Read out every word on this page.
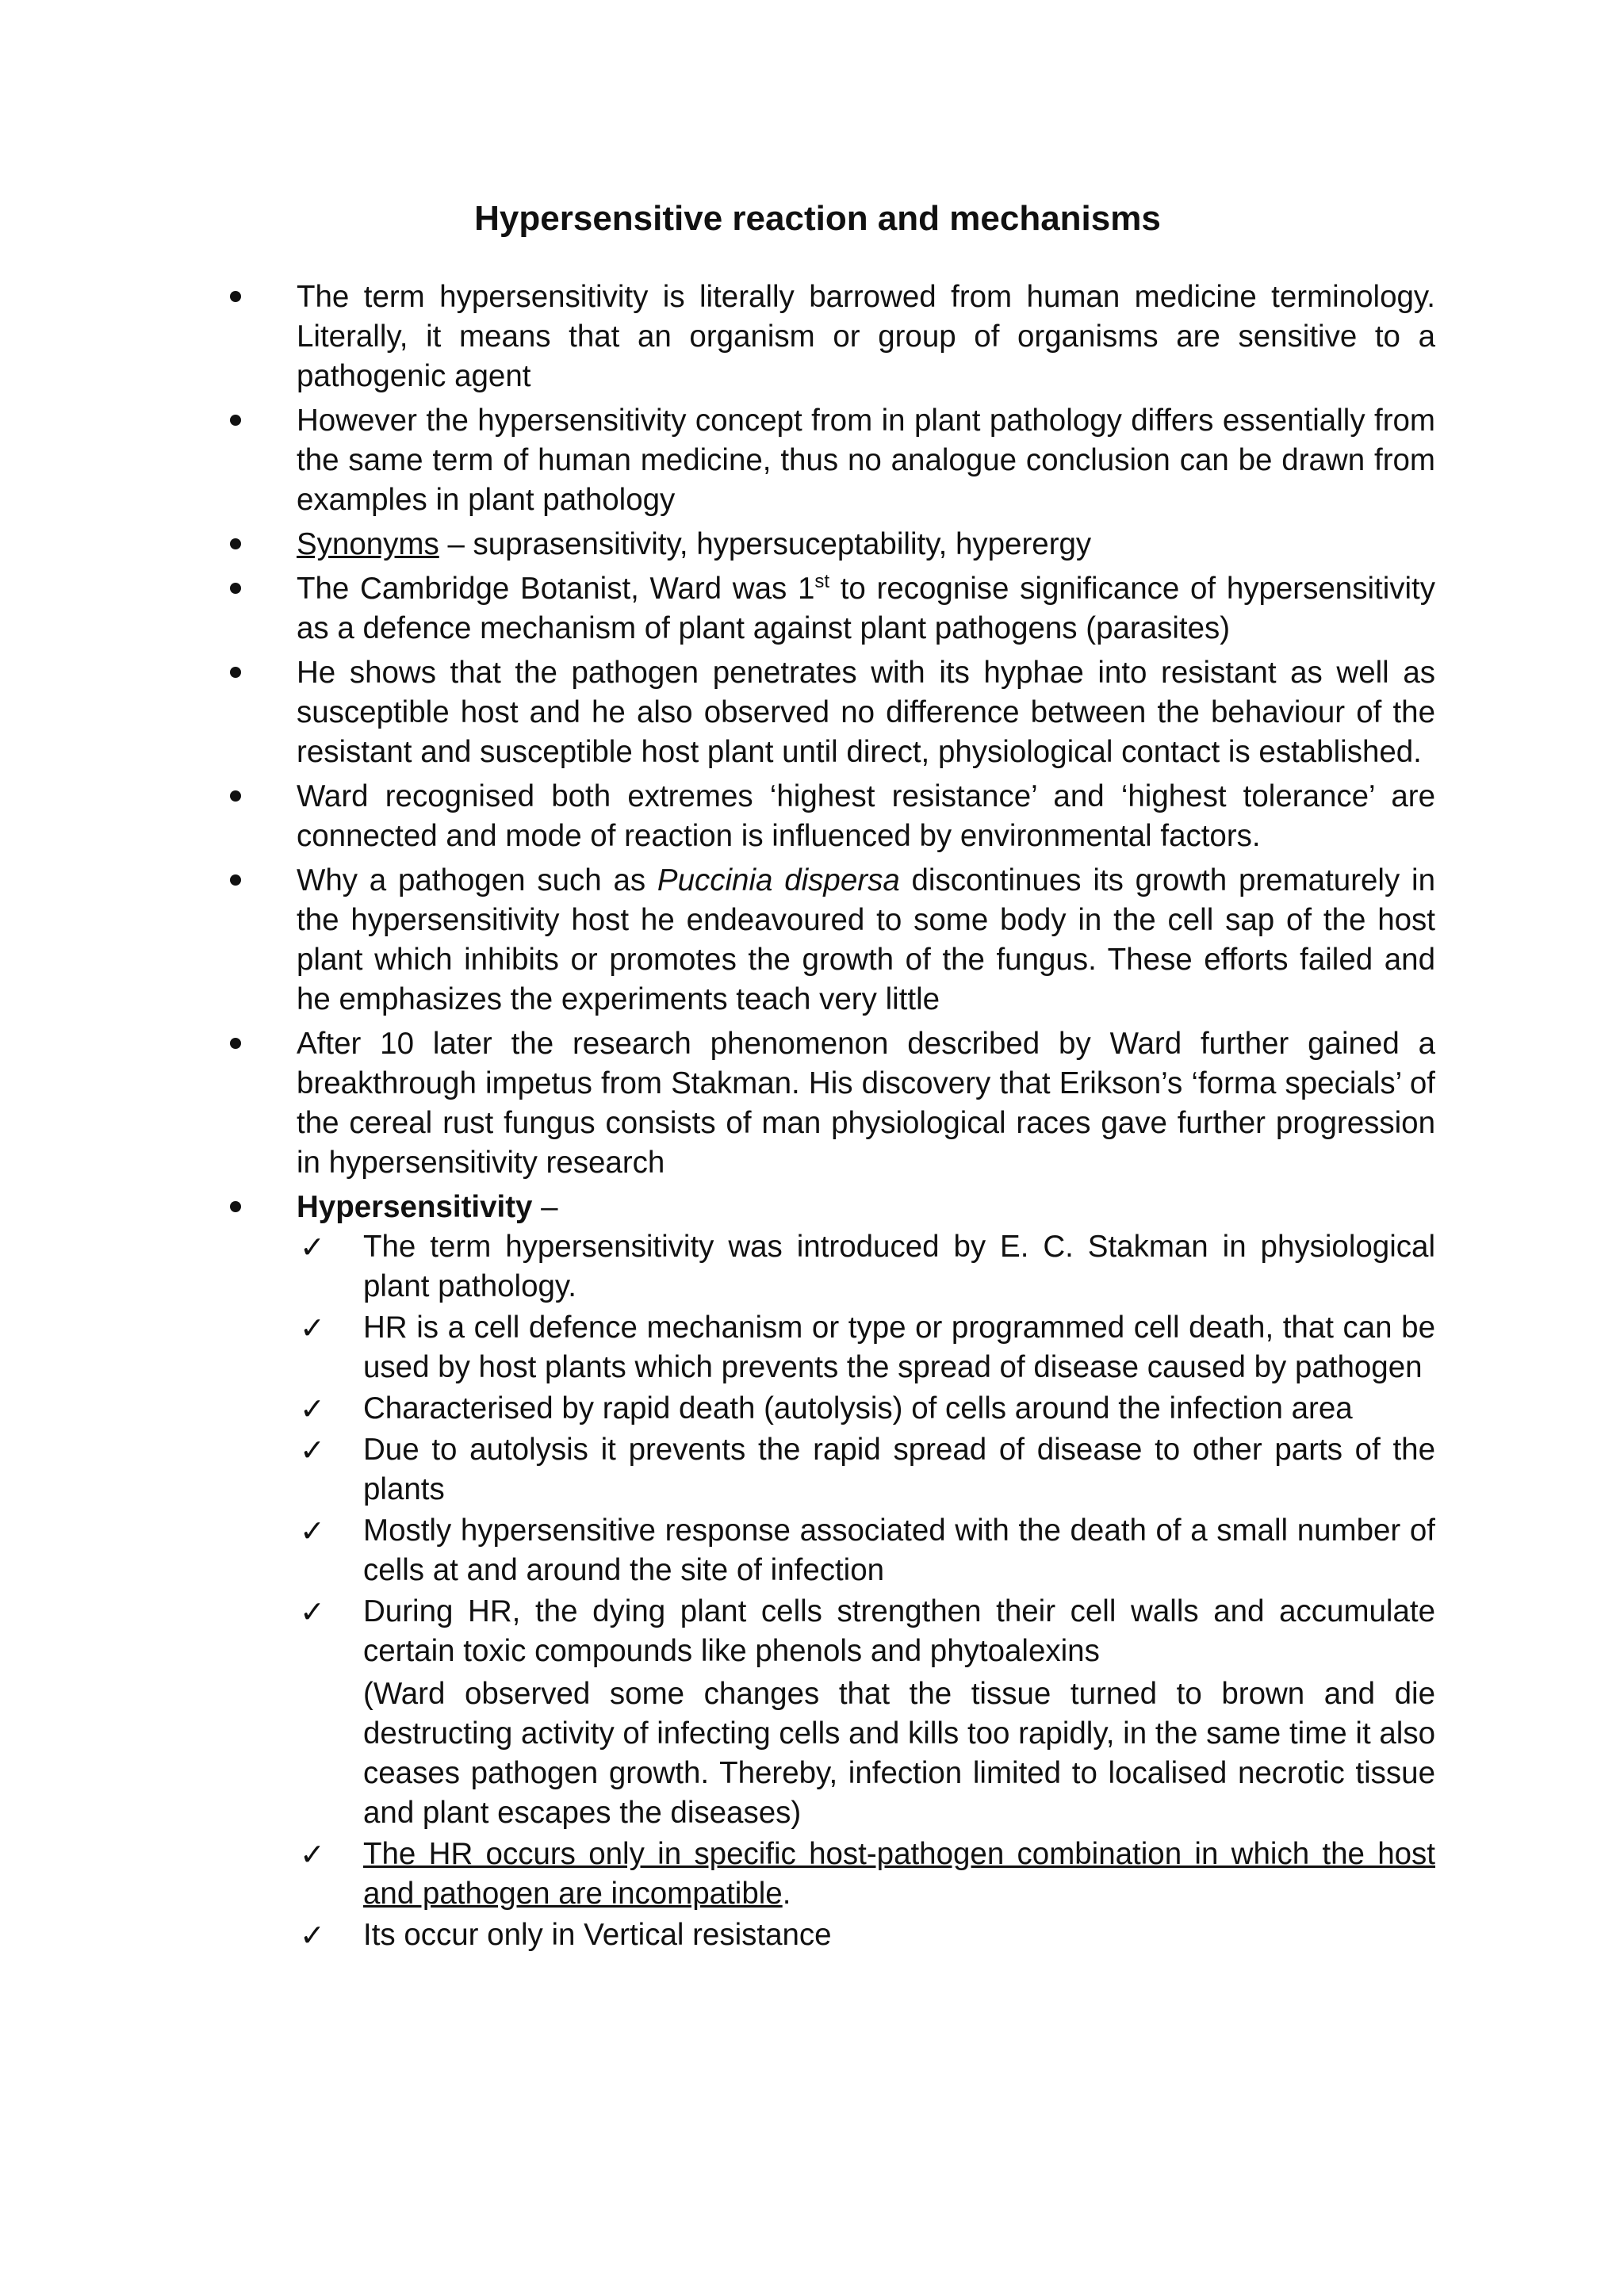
Hypersensitive reaction and mechanisms
The term hypersensitivity is literally barrowed from human medicine terminology. Literally, it means that an organism or group of organisms are sensitive to a pathogenic agent
However the hypersensitivity concept from in plant pathology differs essentially from the same term of human medicine, thus no analogue conclusion can be drawn from examples in plant pathology
Synonyms – suprasensitivity, hypersuceptability, hyperergy
The Cambridge Botanist, Ward was 1st to recognise significance of hypersensitivity as a defence mechanism of plant against plant pathogens (parasites)
He shows that the pathogen penetrates with its hyphae into resistant as well as susceptible host and he also observed no difference between the behaviour of the resistant and susceptible host plant until direct, physiological contact is established.
Ward recognised both extremes ‘highest resistance’ and ‘highest tolerance’ are connected and mode of reaction is influenced by environmental factors.
Why a pathogen such as Puccinia dispersa discontinues its growth prematurely in the hypersensitivity host he endeavoured to some body in the cell sap of the host plant which inhibits or promotes the growth of the fungus. These efforts failed and he emphasizes the experiments teach very little
After 10 later the research phenomenon described by Ward further gained a breakthrough impetus from Stakman. His discovery that Erikson’s ‘forma specials’ of the cereal rust fungus consists of man physiological races gave further progression in hypersensitivity research
Hypersensitivity –
✓ The term hypersensitivity was introduced by E. C. Stakman in physiological plant pathology.
✓ HR is a cell defence mechanism or type or programmed cell death, that can be used by host plants which prevents the spread of disease caused by pathogen
✓ Characterised by rapid death (autolysis) of cells around the infection area
✓ Due to autolysis it prevents the rapid spread of disease to other parts of the plants
✓ Mostly hypersensitive response associated with the death of a small number of cells at and around the site of infection
✓ During HR, the dying plant cells strengthen their cell walls and accumulate certain toxic compounds like phenols and phytoalexins
(Ward observed some changes that the tissue turned to brown and die destructing activity of infecting cells and kills too rapidly, in the same time it also ceases pathogen growth. Thereby, infection limited to localised necrotic tissue and plant escapes the diseases)
✓ The HR occurs only in specific host-pathogen combination in which the host and pathogen are incompatible.
✓ Its occur only in Vertical resistance
